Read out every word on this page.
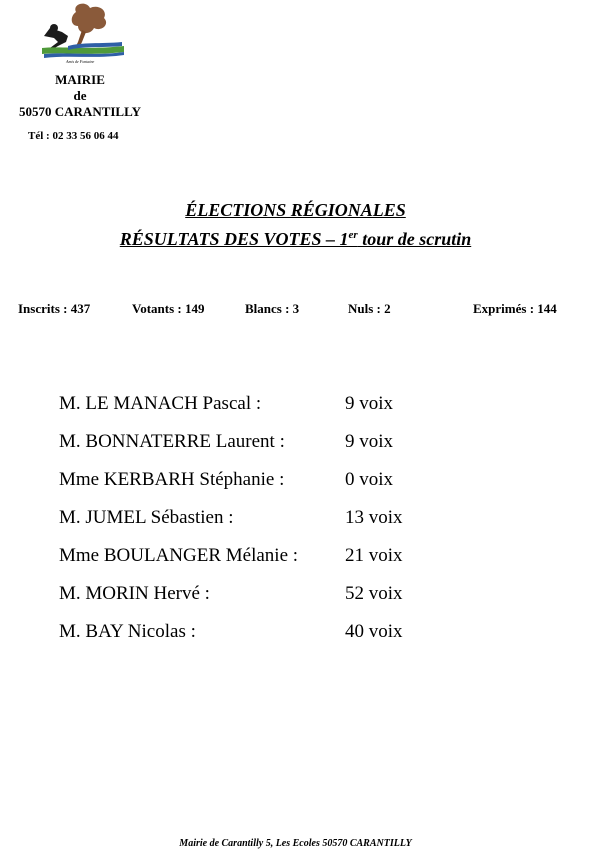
Amis de Fontaine
MAIRIE
de
50570 CARANTILLY
Tél : 02 33 56 06 44
ÉLECTIONS RÉGIONALES
RÉSULTATS DES VOTES – 1er tour de scrutin
Inscrits : 437	Votants : 149	Blancs : 3	Nuls : 2	Exprimés : 144
M. LE MANACH Pascal :	9 voix
M. BONNATERRE Laurent :	9 voix
Mme KERBARH Stéphanie :	0 voix
M. JUMEL Sébastien :	13 voix
Mme BOULANGER Mélanie : 21 voix
M. MORIN Hervé :	52 voix
M. BAY Nicolas :	40 voix
Mairie de Carantilly 5, Les Ecoles 50570 CARANTILLY
